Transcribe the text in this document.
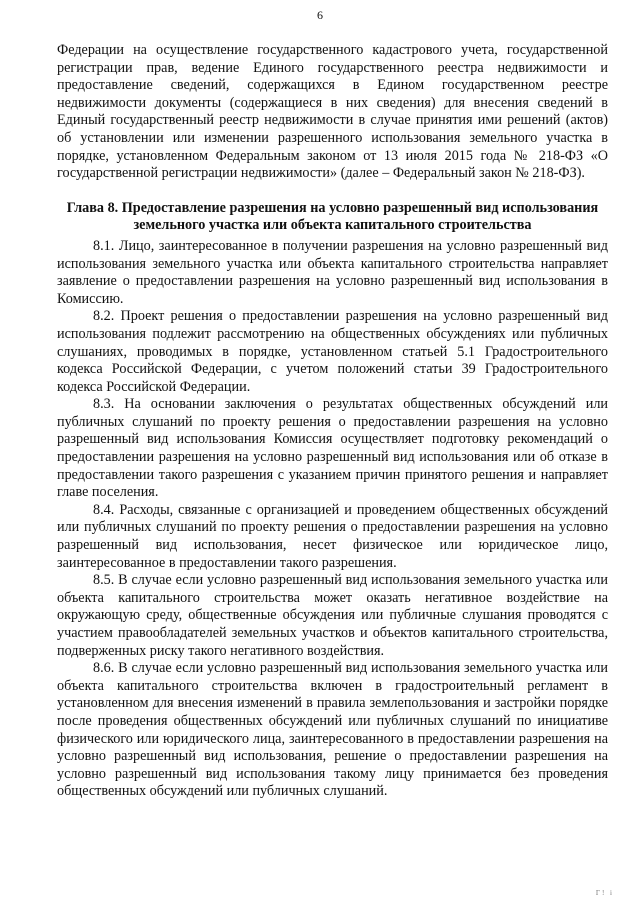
6

Федерации на осуществление государственного кадастрового учета, государственной регистрации прав, ведение Единого государственного реестра недвижимости и предоставление сведений, содержащихся в Едином государственном реестре недвижимости документы (содержащиеся в них сведения) для внесения сведений в Единый государственный реестр недвижимости в случае принятия ими решений (актов) об установлении или изменении разрешенного использования земельного участка в порядке, установленном Федеральным законом от 13 июля 2015 года № 218-ФЗ «О государственной регистрации недвижимости» (далее – Федеральный закон № 218-ФЗ).

Глава 8. Предоставление разрешения на условно разрешенный вид использования земельного участка или объекта капитального строительства

8.1. Лицо, заинтересованное в получении разрешения на условно разрешенный вид использования земельного участка или объекта капитального строительства направляет заявление о предоставлении разрешения на условно разрешенный вид использования в Комиссию.

8.2. Проект решения о предоставлении разрешения на условно разрешенный вид использования подлежит рассмотрению на общественных обсуждениях или публичных слушаниях, проводимых в порядке, установленном статьей 5.1 Градостроительного кодекса Российской Федерации, с учетом положений статьи 39 Градостроительного кодекса Российской Федерации.

8.3. На основании заключения о результатах общественных обсуждений или публичных слушаний по проекту решения о предоставлении разрешения на условно разрешенный вид использования Комиссия осуществляет подготовку рекомендаций о предоставлении разрешения на условно разрешенный вид использования или об отказе в предоставлении такого разрешения с указанием причин принятого решения и направляет главе поселения.

8.4. Расходы, связанные с организацией и проведением общественных обсуждений или публичных слушаний по проекту решения о предоставлении разрешения на условно разрешенный вид использования, несет физическое или юридическое лицо, заинтересованное в предоставлении такого разрешения.

8.5. В случае если условно разрешенный вид использования земельного участка или объекта капитального строительства может оказать негативное воздействие на окружающую среду, общественные обсуждения или публичные слушания проводятся с участием правообладателей земельных участков и объектов капитального строительства, подверженных риску такого негативного воздействия.

8.6. В случае если условно разрешенный вид использования земельного участка или объекта капитального строительства включен в градостроительный регламент в установленном для внесения изменений в правила землепользования и застройки порядке после проведения общественных обсуждений или публичных слушаний по инициативе физического или юридического лица, заинтересованного в предоставлении разрешения на условно разрешенный вид использования, решение о предоставлении разрешения на условно разрешенный вид использования такому лицу принимается без проведения общественных обсуждений или публичных слушаний.

Г! і
